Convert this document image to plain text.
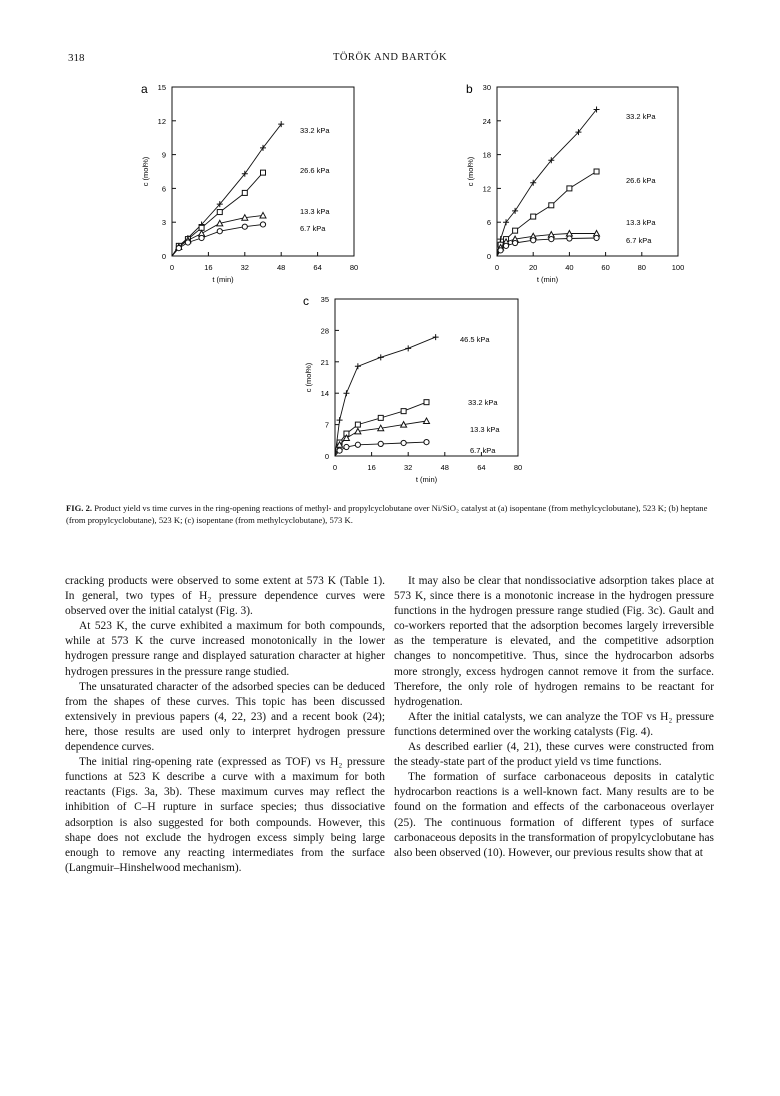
318	TÖRÖK AND BARTÓK
a
0	16	32	48	64	80
0
3
6
9
12
15
t (min)
c (mol%)
33.2 kPa
26.6 kPa
13.3 kPa
6.7 kPa
b
0	20	40	60	80	100
0
6
12
18
24
30
t (min)
c (mol%)
33.2 kPa
26.6 kPa
13.3 kPa
6.7 kPa
c
0	16	32	48	64	80
0
7
14
21
28
35
t (min)
c (mol%)
46.5 kPa
33.2 kPa
13.3 kPa
6.7 kPa
FIG. 2. Product yield vs time curves in the ring-opening reactions of methyl- and propylcyclobutane over Ni/SiO₂ catalyst at (a) isopentane (from methylcyclobutane), 523 K; (b) heptane (from propylcyclobutane), 523 K; (c) isopentane (from methylcyclobutane), 573 K.

cracking products were observed to some extent at 573 K (Table 1). In general, two types of H₂ pressure dependence curves were observed over the initial catalyst (Fig. 3).

At 523 K, the curve exhibited a maximum for both compounds, while at 573 K the curve increased monotonically in the lower hydrogen pressure range and displayed saturation character at higher hydrogen pressures in the pressure range studied.

The unsaturated character of the adsorbed species can be deduced from the shapes of these curves. This topic has been discussed extensively in previous papers (4, 22, 23) and a recent book (24); here, those results are used only to interpret hydrogen pressure dependence curves.

The initial ring-opening rate (expressed as TOF) vs H₂ pressure functions at 523 K describe a curve with a maximum for both reactants (Figs. 3a, 3b). These maximum curves may reflect the inhibition of C–H rupture in surface species; thus dissociative adsorption is also suggested for both compounds. However, this shape does not exclude the hydrogen excess simply being large enough to remove any reacting intermediates from the surface (Langmuir–Hinshelwood mechanism).

It may also be clear that nondissociative adsorption takes place at 573 K, since there is a monotonic increase in the hydrogen pressure functions in the hydrogen pressure range studied (Fig. 3c). Gault and co-workers reported that the adsorption becomes largely irreversible as the temperature is elevated, and the competitive adsorption changes to noncompetitive. Thus, since the hydrocarbon adsorbs more strongly, excess hydrogen cannot remove it from the surface. Therefore, the only role of hydrogen remains to be reactant for hydrogenation.

After the initial catalysts, we can analyze the TOF vs H₂ pressure functions determined over the working catalysts (Fig. 4).

As described earlier (4, 21), these curves were constructed from the steady-state part of the product yield vs time functions.

The formation of surface carbonaceous deposits in catalytic hydrocarbon reactions is a well-known fact. Many results are to be found on the formation and effects of the carbonaceous overlayer (25). The continuous formation of different types of surface carbonaceous deposits in the transformation of propylcyclobutane has also been observed (10). However, our previous results show that at
